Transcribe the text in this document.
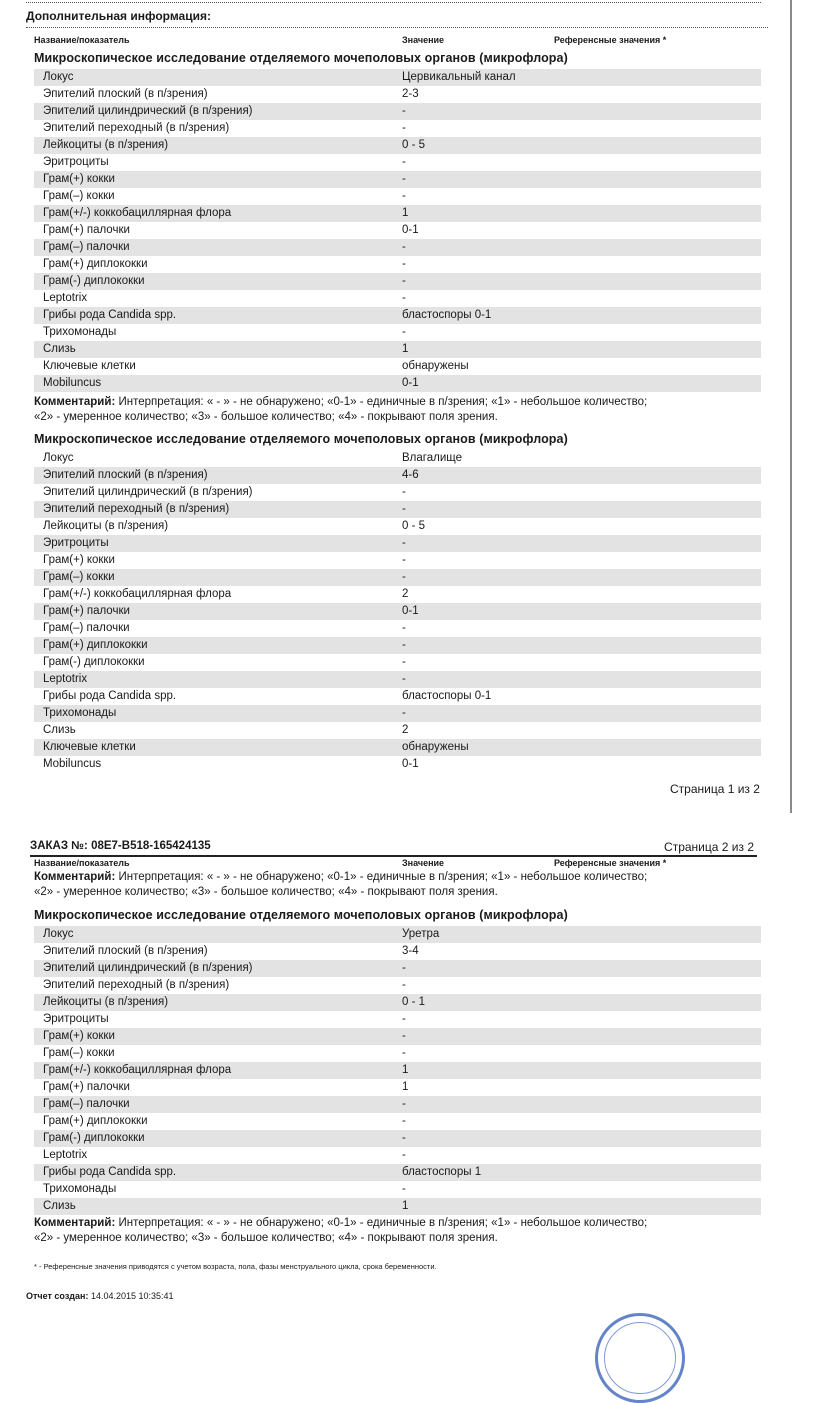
Дополнительная информация:
Название/показатель	Значение	Референсные значения *
Микроскопическое исследование отделяемого мочеполовых органов (микрофлора)
Локус	Цервикальный канал
Эпителий плоский (в п/зрения)	2-3
Эпителий цилиндрический (в п/зрения)	-
Эпителий переходный (в п/зрения)	-
Лейкоциты (в п/зрения)	0 - 5
Эритроциты	-
Грам(+) кокки	-
Грам(–) кокки	-
Грам(+/-) коккобациллярная флора	1
Грам(+) палочки	0-1
Грам(–) палочки	-
Грам(+) диплококки	-
Грам(-) диплококки	-
Leptotrix	-
Грибы рода Candida spp.	бластоспоры 0-1
Трихомонады	-
Слизь	1
Ключевые клетки	обнаружены
Mobiluncus	0-1
Комментарий: Интерпретация: « - » - не обнаружено; «0-1» - единичные в п/зрения; «1» - небольшое количество;
«2» - умеренное количество; «3» - большое количество; «4» - покрывают поля зрения.
Микроскопическое исследование отделяемого мочеполовых органов (микрофлора)
Локус	Влагалище
Эпителий плоский (в п/зрения)	4-6
Эпителий цилиндрический (в п/зрения)	-
Эпителий переходный (в п/зрения)	-
Лейкоциты (в п/зрения)	0 - 5
Эритроциты	-
Грам(+) кокки	-
Грам(–) кокки	-
Грам(+/-) коккобациллярная флора	2
Грам(+) палочки	0-1
Грам(–) палочки	-
Грам(+) диплококки	-
Грам(-) диплококки	-
Leptotrix	-
Грибы рода Candida spp.	бластоспоры 0-1
Трихомонады	-
Слизь	2
Ключевые клетки	обнаружены
Mobiluncus	0-1
Страница 1 из 2
ЗАКАЗ №: 08E7-B518-165424135	Страница 2 из 2
Название/показатель	Значение	Референсные значения *
Комментарий: Интерпретация: « - » - не обнаружено; «0-1» - единичные в п/зрения; «1» - небольшое количество;
«2» - умеренное количество; «3» - большое количество; «4» - покрывают поля зрения.
Микроскопическое исследование отделяемого мочеполовых органов (микрофлора)
Локус	Уретра
Эпителий плоский (в п/зрения)	3-4
Эпителий цилиндрический (в п/зрения)	-
Эпителий переходный (в п/зрения)	-
Лейкоциты (в п/зрения)	0 - 1
Эритроциты	-
Грам(+) кокки	-
Грам(–) кокки	-
Грам(+/-) коккобациллярная флора	1
Грам(+) палочки	1
Грам(–) палочки	-
Грам(+) диплококки	-
Грам(-) диплококки	-
Leptotrix	-
Грибы рода Candida spp.	бластоспоры 1
Трихомонады	-
Слизь	1
Комментарий: Интерпретация: « - » - не обнаружено; «0-1» - единичные в п/зрения; «1» - небольшое количество;
«2» - умеренное количество; «3» - большое количество; «4» - покрывают поля зрения.
* - Референсные значения приводятся с учетом возраста, пола, фазы менструального цикла, срока беременности.
Отчет создан: 14.04.2015 10:35:41
